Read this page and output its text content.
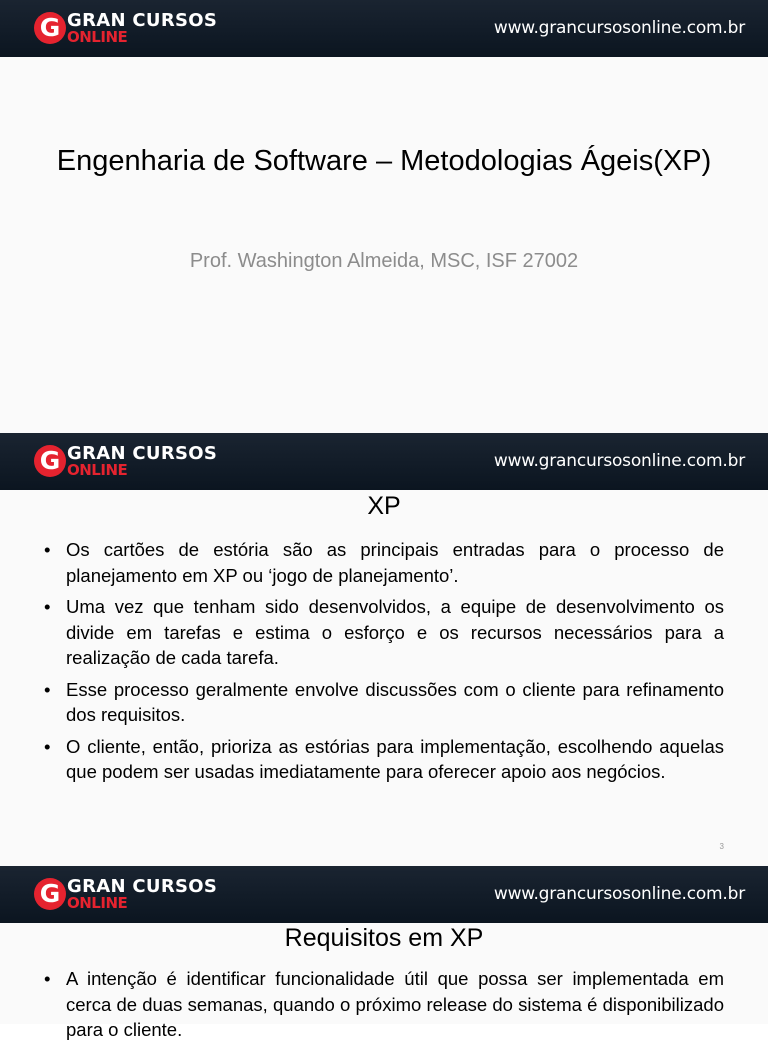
G GRAN CURSOS
ONLINE	www.grancursosonline.com.br
Engenharia de Software – Metodologias Ágeis(XP)
Prof. Washington Almeida, MSC, ISF 27002
G GRAN CURSOS
ONLINE	www.grancursosonline.com.br
XP
• Os cartões de estória são as principais entradas para o processo de planejamento em XP ou ‘jogo de planejamento’.
• Uma vez que tenham sido desenvolvidos, a equipe de desenvolvimento os divide em tarefas e estima o esforço e os recursos necessários para a realização de cada tarefa.
• Esse processo geralmente envolve discussões com o cliente para refinamento dos requisitos.
• O cliente, então, prioriza as estórias para implementação, escolhendo aquelas que podem ser usadas imediatamente para oferecer apoio aos negócios.
3
G GRAN CURSOS
ONLINE	www.grancursosonline.com.br
Requisitos em XP
• A intenção é identificar funcionalidade útil que possa ser implementada em cerca de duas semanas, quando o próximo release do sistema é disponibilizado para o cliente.
